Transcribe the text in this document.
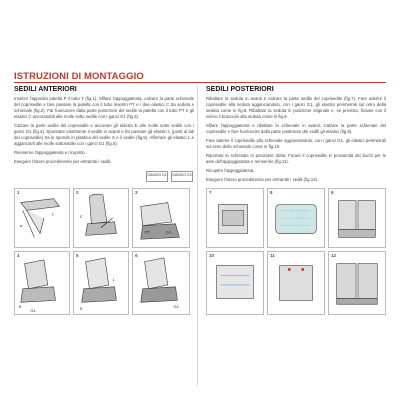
ISTRUZIONI DI MONTAGGIO
SEDILI ANTERIORI

Inserire l'apposita patella P il tubo T (fig.1). Sfilare l'appoggiatesta, calzare la parte schienale del coprisedile e fare passare la patella con il tubo inserito PT e i due elastici C tra seduta e schienale (fig.2). Far fuoriuscire dalla parte posteriore del sedile la patella con il tubo PT e gli elastici C ancorandoli alle molle sotto sedile con i ganci G1 (fig.3).

Calzare la parte sedile del coprisedile e ancorare gli elastici E alle molle sotto sedile con i ganci G1 (fig.4). Sporstare totalmente il sedile in avanti e far passare gli elastici L (posti ai lati del coprisedile) tra le sponde in plastica del sedile S e il sedile (fig.5). Afferrare gli elastici L e agganciarli alle molle sottosedile con i ganci G1 (fig.6).

Reinserire l'appoggiatesta e ricoprirlo.

Eseguire l'intero procedimento per entrambi i sedili.

GANCIO G1	GANCIO G2
SEDILI POSTERIORI

Ribaltare la seduta in avanti e calzare la parte sedile del coprisedile (fig.7). Fare aderire il coprisedile alla seduta agganciandolo, con i ganci G1, gli elastici perimetrali sul retro della seduta come in fig.8. Ribaltare la seduta in posizione originale e, se previsto, fissare con il velcro il bracciolo alla seduta come in fig.9.

Sfilare l'appoggiatesta e ribaltare lo schienale in avanti. Calzare la parte schienale del coprisedile e fare fuoriuscire dalla parte posteriore dei sedili gli elastici (fig.9).

Fare aderire il coprisedile allo schienale agganciandolo, con i ganci G1, gli elastici perimetrali sul retro dello schienale come in fig.10.

Riportare lo schienale in posizione dritta. Forare il coprisedile in prossimità dei buchi per le aste dell'appoggiatesta e reinserirlo (fig.11).

Ricoprire l'appoggiatesta.

Eseguire l'intero procedimento per entrambi i sedili (fig.12).

1
P
T
2
C
3
PT	G1
4
E
G1
5
S
L
6
G1
7	8	9
10	11	12
